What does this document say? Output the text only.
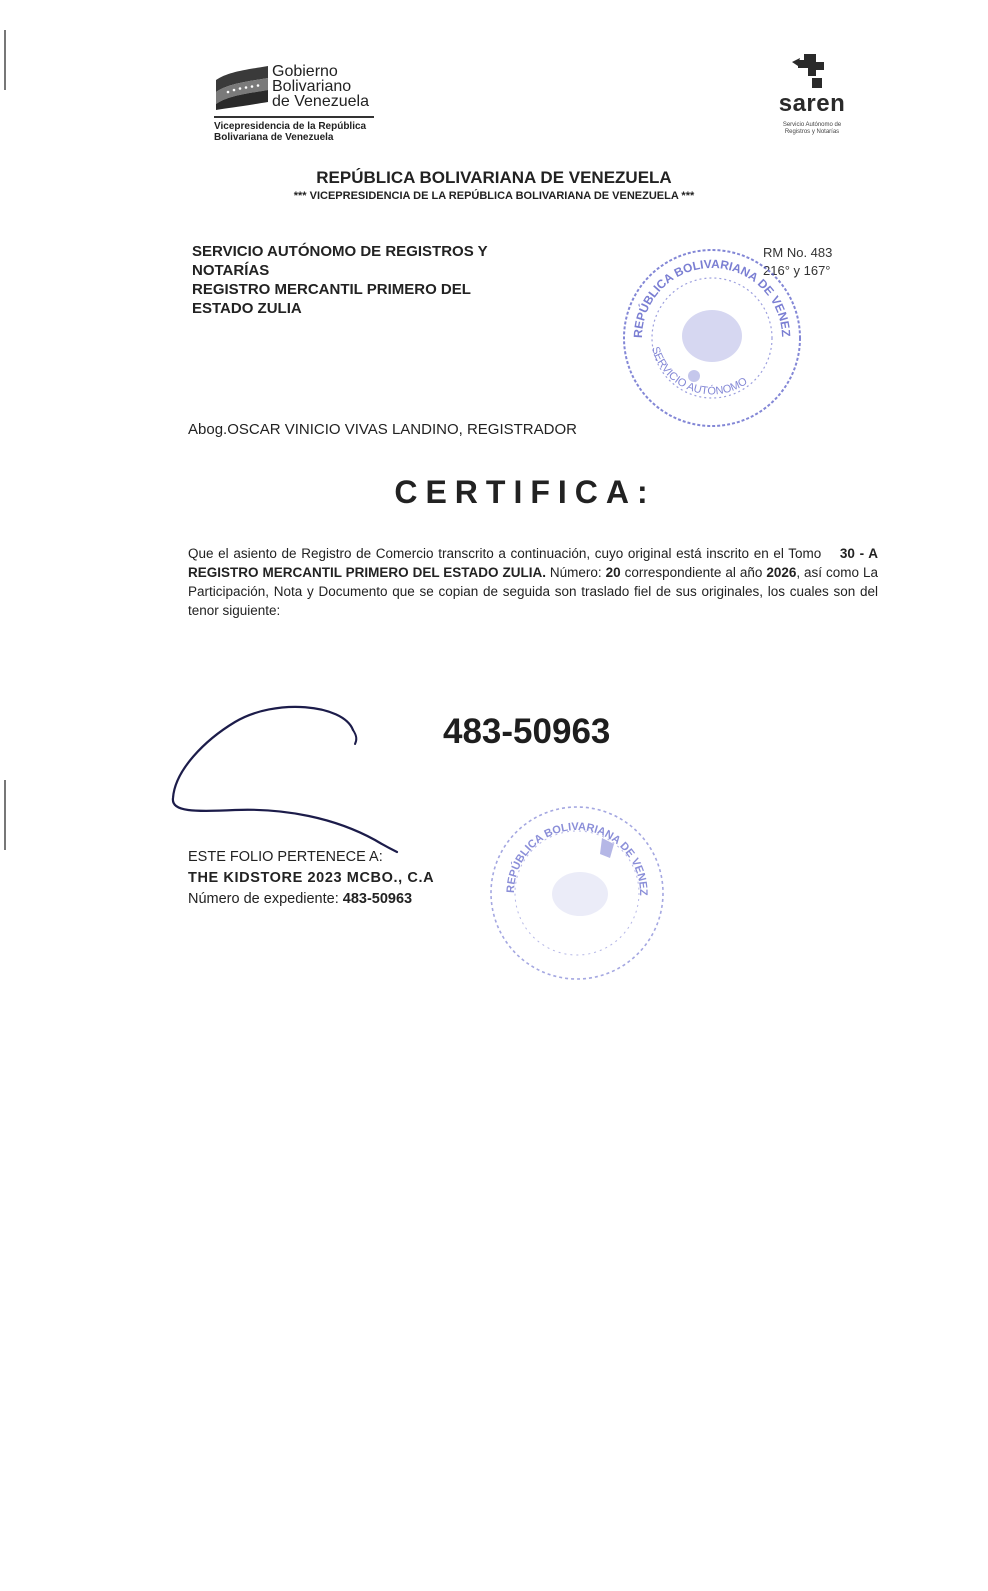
Gobierno
Bolivariano
de Venezuela
Vicepresidencia de la República
Bolivariana de Venezuela
saren
Servicio Autónomo de
Registros y Notarías
REPÚBLICA BOLIVARIANA DE VENEZUELA
*** VICEPRESIDENCIA DE LA REPÚBLICA BOLIVARIANA DE VENEZUELA ***
SERVICIO AUTÓNOMO DE REGISTROS Y
NOTARÍAS
REGISTRO MERCANTIL PRIMERO DEL
ESTADO ZULIA
RM No. 483
216° y 167°
REPÚBLICA BOLIVARIANA DE VENEZ
SERVICIO AUTÓNOMO
Abog.OSCAR VINICIO VIVAS LANDINO, REGISTRADOR
CERTIFICA:
Que el asiento de Registro de Comercio transcrito a continuación, cuyo original está inscrito en el Tomo 30 - A REGISTRO MERCANTIL PRIMERO DEL ESTADO ZULIA. Número: 20 correspondiente al año 2026, así como La Participación, Nota y Documento que se copian de seguida son traslado fiel de sus originales, los cuales son del tenor siguiente:
483-50963
REPÚBLICA BOLIVARIANA DE VENEZ
ESTE FOLIO PERTENECE A:
THE KIDSTORE 2023 MCBO., C.A
Número de expediente: 483-50963
